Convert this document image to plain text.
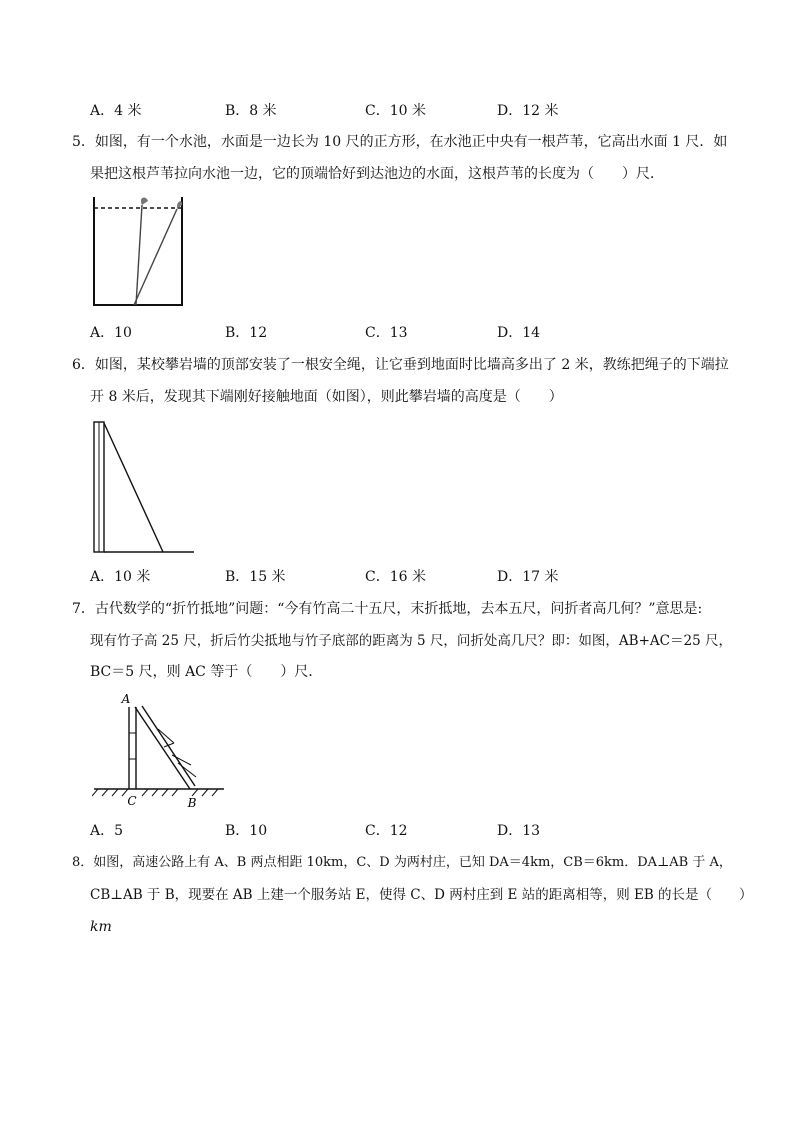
A．4 米	B．8 米	C．10 米	D．12 米
5．如图，有一个水池，水面是一边长为 10 尺的正方形，在水池正中央有一根芦苇，它高出水面 1 尺．如
果把这根芦苇拉向水池一边，它的顶端恰好到达池边的水面，这根芦苇的长度为（　　）尺．
A．10	B．12	C．13	D．14
6．如图，某校攀岩墙的顶部安装了一根安全绳，让它垂到地面时比墙高多出了 2 米，教练把绳子的下端拉
开 8 米后，发现其下端刚好接触地面（如图），则此攀岩墙的高度是（　　）
A．10 米	B．15 米	C．16 米	D．17 米
7．古代数学的“折竹抵地”问题：“今有竹高二十五尺，末折抵地，去本五尺，问折者高几何？”意思是:
现有竹子高 25 尺，折后竹尖抵地与竹子底部的距离为 5 尺，问折处高几尺？即：如图，AB+AC＝25 尺，
BC＝5 尺，则 AC 等于（　　）尺．
A
C	B
A．5	B．10	C．12	D．13
8．如图，高速公路上有 A、B 两点相距 10km，C、D 为两村庄，已知 DA＝4km，CB＝6km．DA⊥AB 于 A，
CB⊥AB 于 B，现要在 AB 上建一个服务站 E，使得 C、D 两村庄到 E 站的距离相等，则 EB 的长是（　　）
km
